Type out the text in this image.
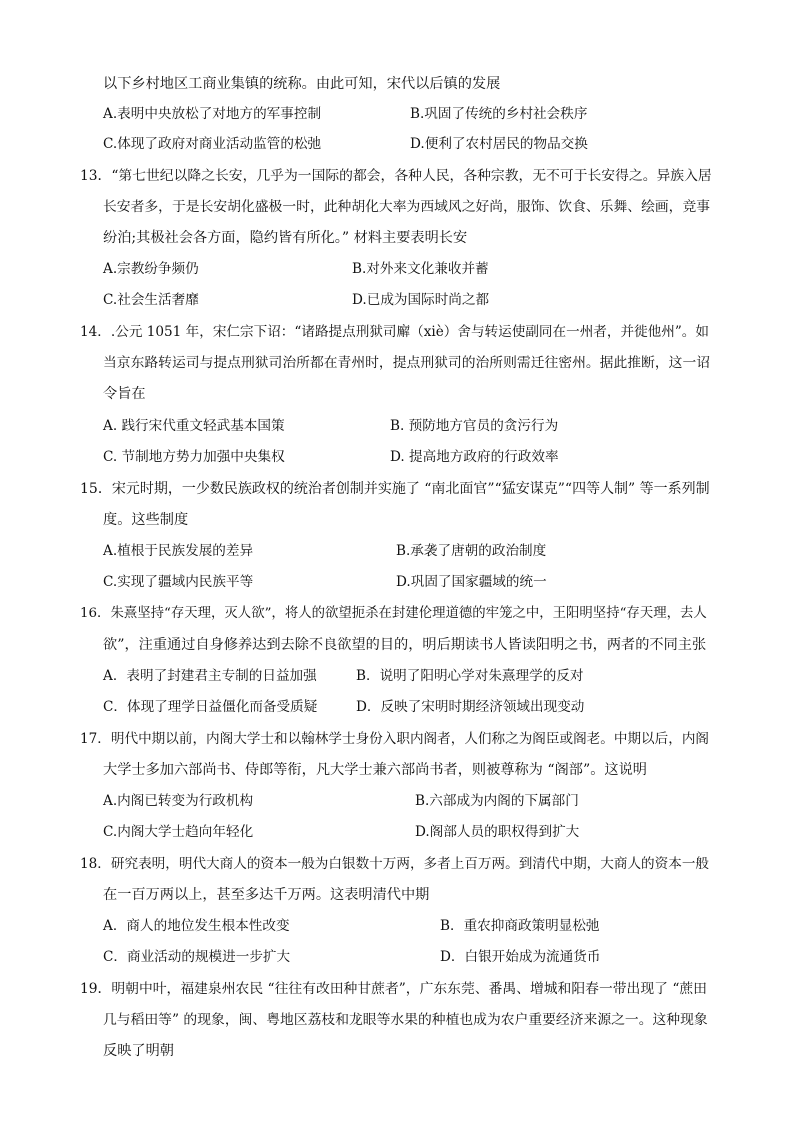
以下乡村地区工商业集镇的统称。由此可知，宋代以后镇的发展
A.表明中央放松了对地方的军事控制	B.巩固了传统的乡村社会秩序
C.体现了政府对商业活动监管的松弛	D.便利了农村居民的物品交换
13．“第七世纪以降之长安，几乎为一国际的都会，各种人民，各种宗教，无不可于长安得之。异族入居
长安者多，于是长安胡化盛极一时，此种胡化大率为西域风之好尚，服饰、饮食、乐舞、绘画，竞事
纷泊;其极社会各方面，隐约皆有所化。” 材料主要表明长安
A.宗教纷争频仍	B.对外来文化兼收并蓄
C.社会生活奢靡	D.已成为国际时尚之都
14．.公元 1051 年，宋仁宗下诏：“诸路提点刑狱司廨（xiè）舍与转运使副同在一州者，并徙他州”。如
当京东路转运司与提点刑狱司治所都在青州时，提点刑狱司的治所则需迁往密州。据此推断，这一诏
令旨在
A. 践行宋代重文轻武基本国策	B. 预防地方官员的贪污行为
C. 节制地方势力加强中央集权	D. 提高地方政府的行政效率
15．宋元时期，一少数民族政权的统治者创制并实施了 “南北面官”“猛安谋克”“四等人制” 等一系列制
度。这些制度
A.植根于民族发展的差异	B.承袭了唐朝的政治制度
C.实现了疆域内民族平等	D.巩固了国家疆域的统一
16．朱熹坚持“存天理，灭人欲”，将人的欲望扼杀在封建伦理道德的牢笼之中，王阳明坚持“存天理，去人
欲”，注重通过自身修养达到去除不良欲望的目的，明后期读书人皆读阳明之书，两者的不同主张
A．表明了封建君主专制的日益加强	B．说明了阳明心学对朱熹理学的反对
C．体现了理学日益僵化而备受质疑	D．反映了宋明时期经济领域出现变动
17．明代中期以前，内阁大学士和以翰林学士身份入职内阁者，人们称之为阁臣或阁老。中期以后，内阁
大学士多加六部尚书、侍郎等衔，凡大学士兼六部尚书者，则被尊称为 “阁部”。这说明
A.内阁已转变为行政机构	B.六部成为内阁的下属部门
C.内阁大学士趋向年轻化	D.阁部人员的职权得到扩大
18．研究表明，明代大商人的资本一般为白银数十万两，多者上百万两。到清代中期，大商人的资本一般
在一百万两以上，甚至多达千万两。这表明清代中期
A．商人的地位发生根本性改变	B．重农抑商政策明显松弛
C．商业活动的规模进一步扩大	D．白银开始成为流通货币
19．明朝中叶，福建泉州农民 “往往有改田种甘蔗者”，广东东莞、番禺、增城和阳春一带出现了 “蔗田
几与稻田等” 的现象，闽、粤地区荔枝和龙眼等水果的种植也成为农户重要经济来源之一。这种现象
反映了明朝
